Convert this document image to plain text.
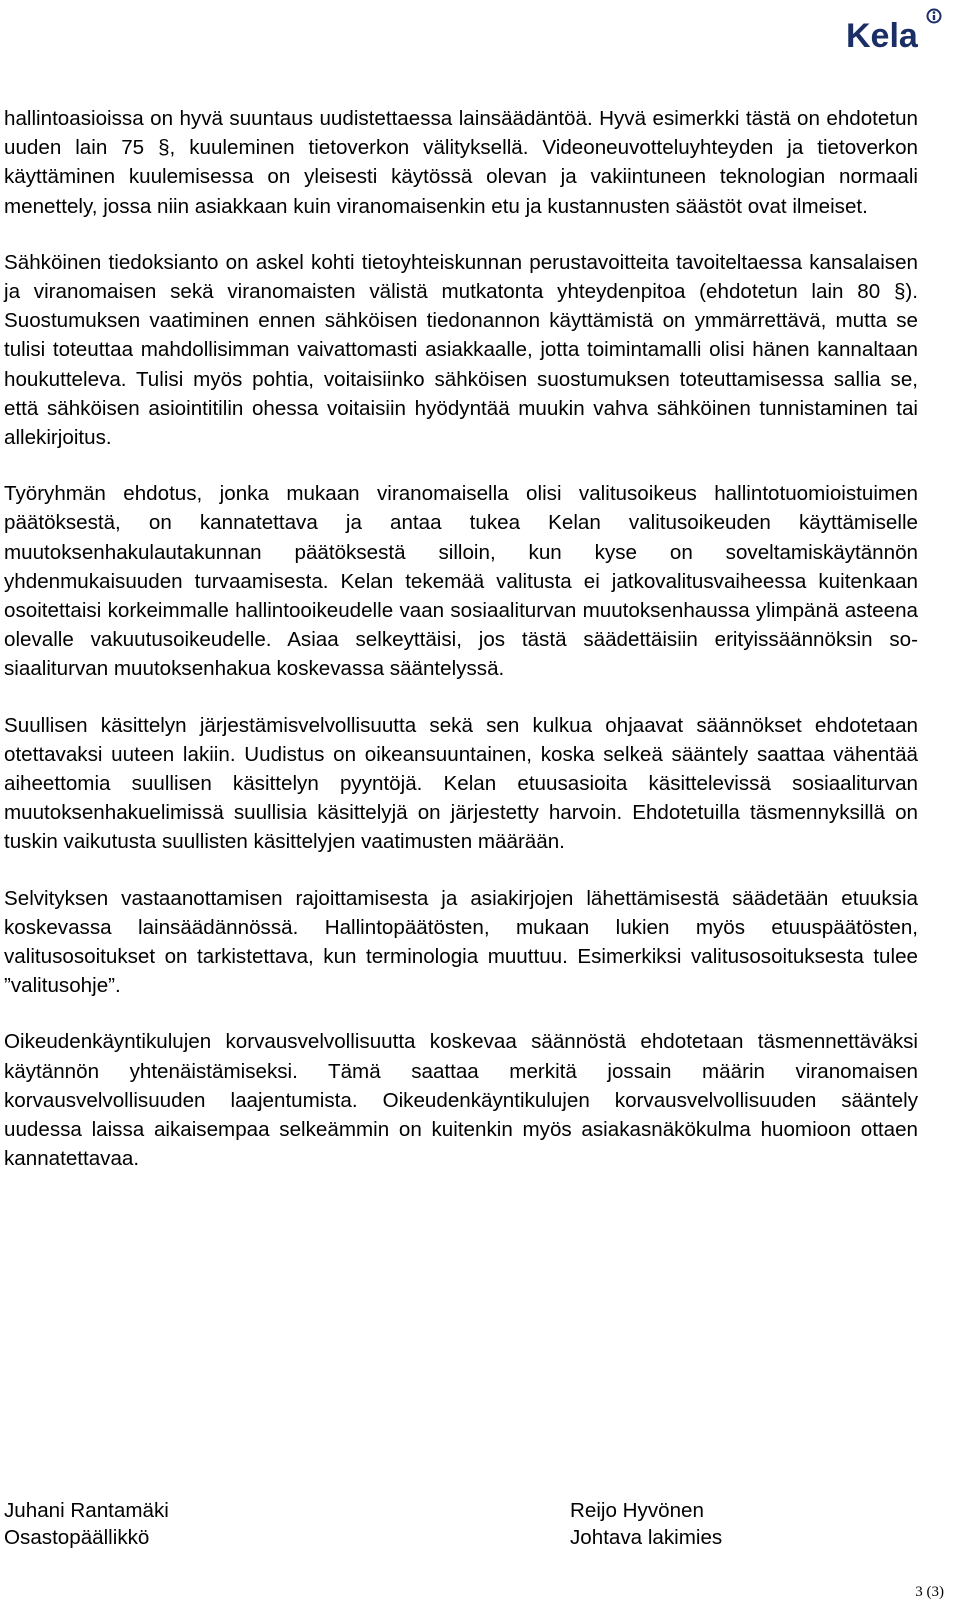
Kela

hallintoasioissa on hyvä suuntaus uudistettaessa lainsäädäntöä. Hyvä esimerkki tästä on ehdotetun uuden lain 75 §, kuuleminen tietoverkon välityksellä. Videoneuvotteluyhteyden ja tietoverkon käyttäminen kuulemisessa on yleisesti käytössä olevan ja vakiintuneen teknologian normaali menettely, jossa niin asiakkaan kuin viranomaisenkin etu ja kustannusten säästöt ovat ilmeiset.

Sähköinen tiedoksianto on askel kohti tietoyhteiskunnan perustavoitteita tavoiteltaessa kansalaisen ja viranomaisen sekä viranomaisten välistä mutkatonta yhteydenpitoa (ehdotetun lain 80 §). Suostumuksen vaatiminen ennen sähköisen tiedonannon käyttämistä on ymmärrettävä, mutta se tulisi toteuttaa mahdollisimman vaivattomasti asiakkaalle, jotta toimintamalli olisi hänen kannaltaan houkutteleva. Tulisi myös pohtia, voitaisiinko sähköisen suostumuksen toteuttamisessa sallia se, että sähköisen asiointitilin ohessa voitaisiin hyödyntää muukin vahva sähköinen tunnistaminen tai allekirjoitus.

Työryhmän ehdotus, jonka mukaan viranomaisella olisi valitusoikeus hallintotuomioistuimen päätöksestä, on kannatettava ja antaa tukea Kelan valitusoikeuden käyttämiselle muutoksenhakulautakunnan päätöksestä silloin, kun kyse on soveltamiskäytännön yhdenmukaisuuden turvaamisesta. Kelan tekemää valitusta ei jatkovalitusvaiheessa kuitenkaan osoitettaisi korkeimmalle hallintooikeudelle vaan sosiaaliturvan muutoksenhaussa ylimpänä asteena olevalle vakuutusoikeudelle. Asiaa selkeyttäisi, jos tästä säädettäisiin erityissäännöksin sosiaaliturvan muutoksenhakua koskevassa sääntelyssä.

Suullisen käsittelyn järjestämisvelvollisuutta sekä sen kulkua ohjaavat säännökset ehdotetaan otettavaksi uuteen lakiin. Uudistus on oikeansuuntainen, koska selkeä sääntely saattaa vähentää aiheettomia suullisen käsittelyn pyyntöjä. Kelan etuusasioita käsittelevissä sosiaaliturvan muutoksenhakuelimissä suullisia käsittelyjä on järjestetty harvoin. Ehdotetuilla täsmennyksillä on tuskin vaikutusta suullisten käsittelyjen vaatimusten määrään.

Selvityksen vastaanottamisen rajoittamisesta ja asiakirjojen lähettämisestä säädetään etuuksia koskevassa lainsäädännössä. Hallintopäätösten, mukaan lukien myös etuuspäätösten, valitusosoitukset on tarkistettava, kun terminologia muuttuu. Esimerkiksi valitusosoituksesta tulee ”valitusohje”.

Oikeudenkäyntikulujen korvausvelvollisuutta koskevaa säännöstä ehdotetaan täsmennettäväksi käytännön yhtenäistämiseksi. Tämä saattaa merkitä jossain määrin viranomaisen korvausvelvollisuuden laajentumista. Oikeudenkäyntikulujen korvausvelvollisuuden sääntely uudessa laissa aikaisempaa selkeämmin on kuitenkin myös asiakasnäkökulma huomioon ottaen kannatettavaa.

Juhani Rantamäki
Osastopäällikkö
Reijo Hyvönen
Johtava lakimies
3 (3)
